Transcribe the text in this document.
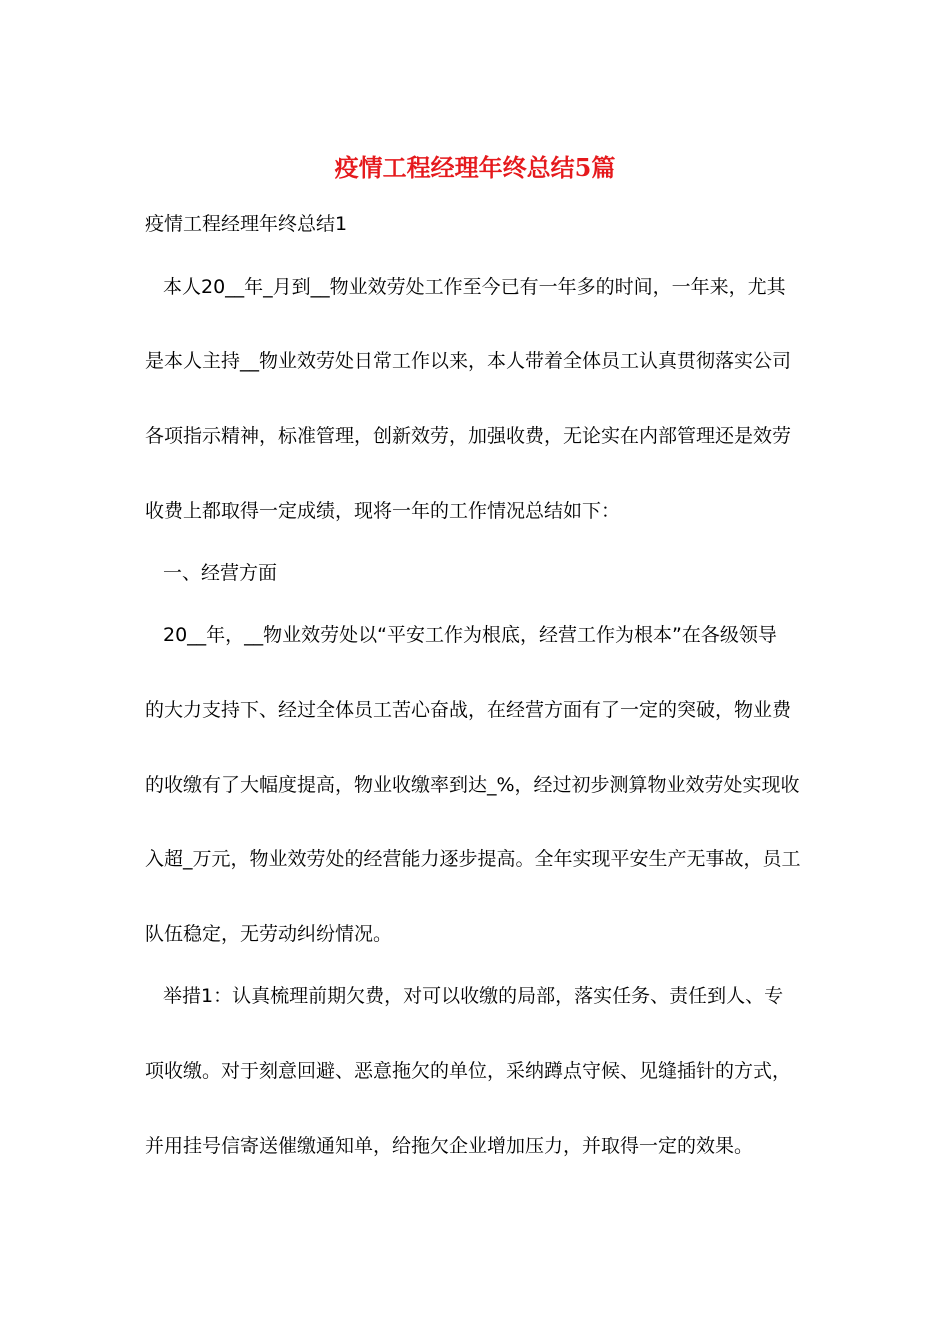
疫情工程经理年终总结5篇

疫情工程经理年终总结1

本人20__年_月到__物业效劳处工作至今已有一年多的时间，一年来，尤其

是本人主持__物业效劳处日常工作以来，本人带着全体员工认真贯彻落实公司

各项指示精神，标准管理，创新效劳，加强收费，无论实在内部管理还是效劳

收费上都取得一定成绩，现将一年的工作情况总结如下：

一、经营方面

20__年，__物业效劳处以“平安工作为根底，经营工作为根本”在各级领导

的大力支持下、经过全体员工苦心奋战，在经营方面有了一定的突破，物业费

的收缴有了大幅度提高，物业收缴率到达_%，经过初步测算物业效劳处实现收

入超_万元，物业效劳处的经营能力逐步提高。全年实现平安生产无事故，员工

队伍稳定，无劳动纠纷情况。

举措1：认真梳理前期欠费，对可以收缴的局部，落实任务、责任到人、专

项收缴。对于刻意回避、恶意拖欠的单位，采纳蹲点守候、见缝插针的方式，

并用挂号信寄送催缴通知单，给拖欠企业增加压力，并取得一定的效果。
